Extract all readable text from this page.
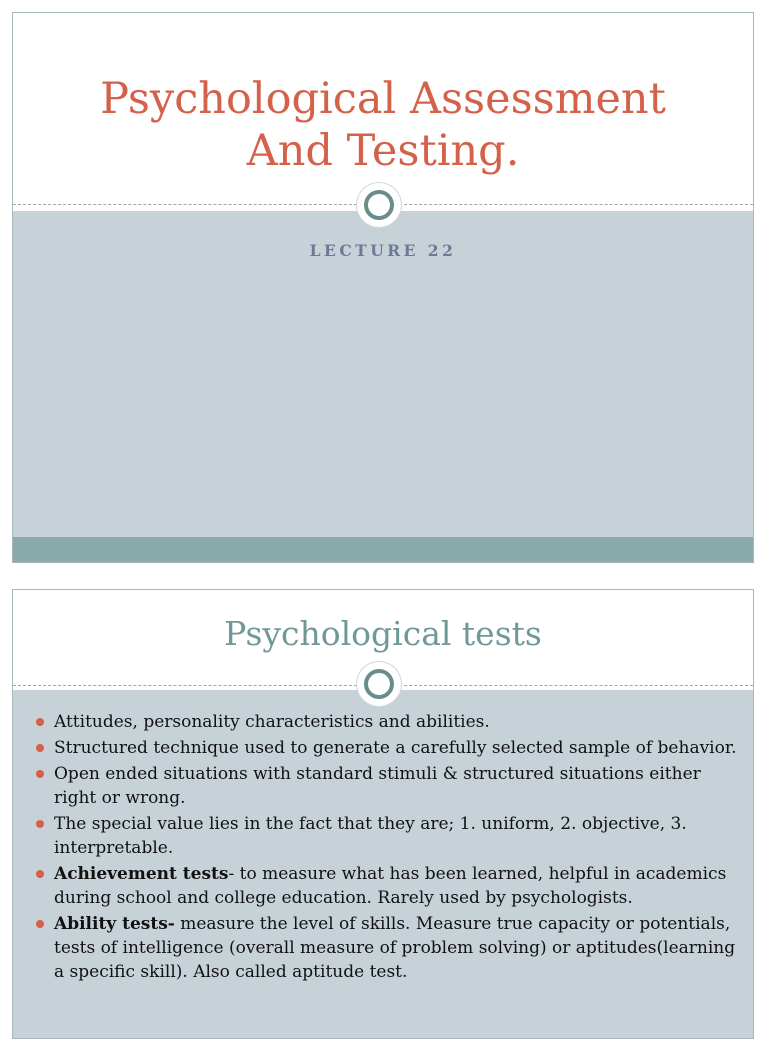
Psychological Assessment
And Testing.
LECTURE 22
Psychological tests
Attitudes, personality characteristics and abilities.
Structured technique used to generate a carefully selected sample of behavior.
Open ended situations with standard stimuli & structured situations either right or wrong.
The special value lies in the fact that they are; 1. uniform, 2. objective, 3. interpretable.
Achievement tests- to measure what has been learned, helpful in academics during school and college education. Rarely used by psychologists.
Ability tests- measure the level of skills. Measure true capacity or potentials, tests of intelligence (overall measure of problem solving) or aptitudes(learning a specific skill). Also called aptitude test.
